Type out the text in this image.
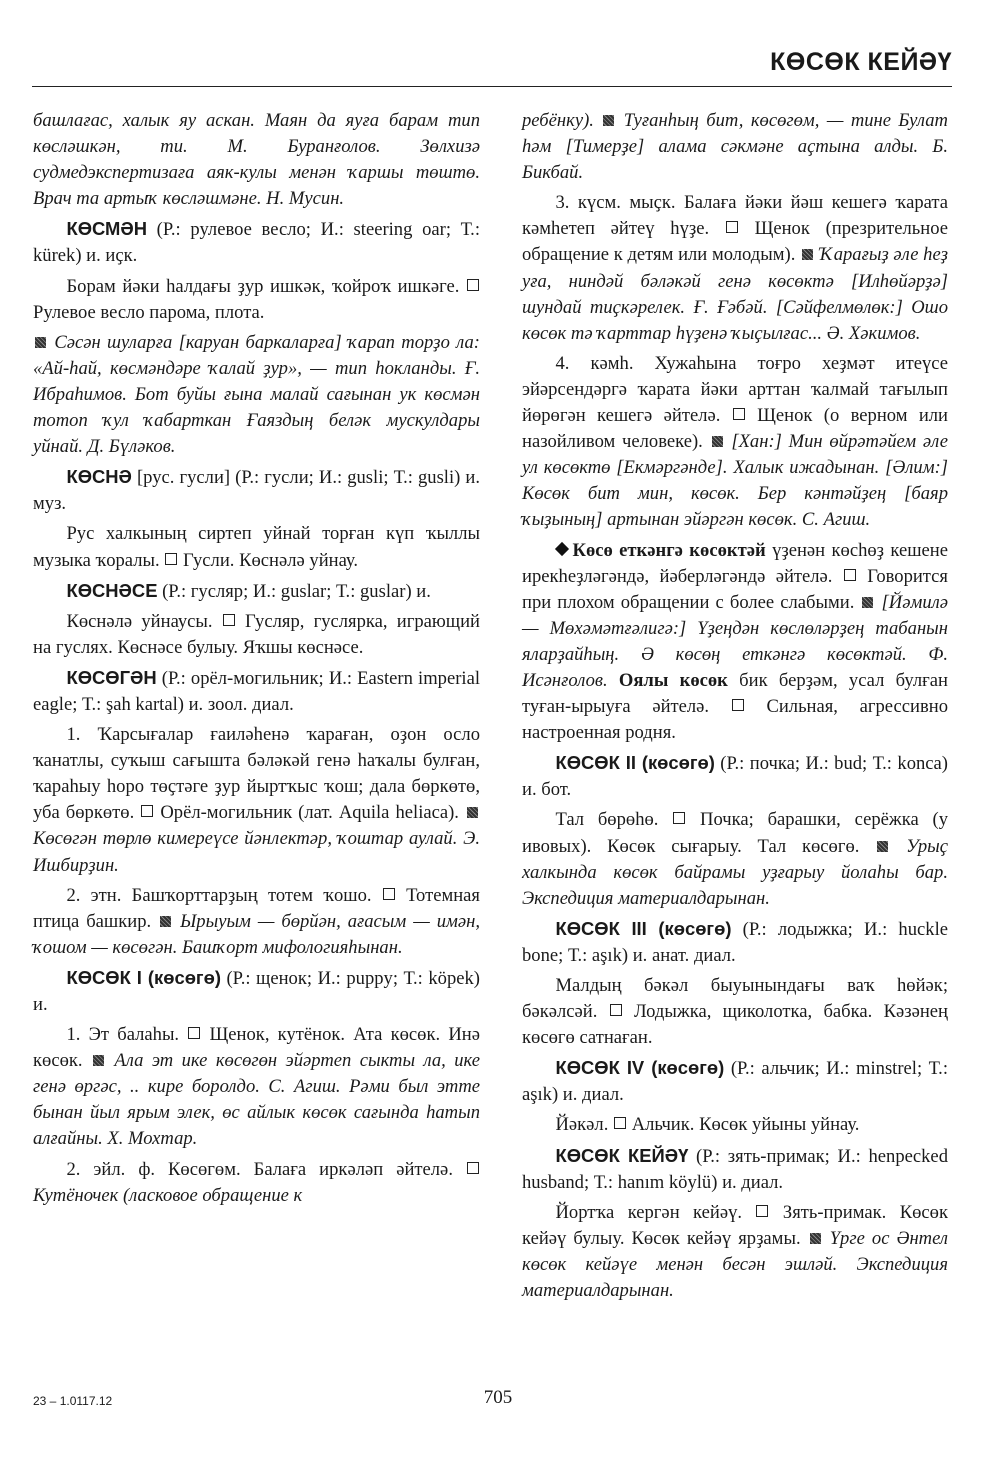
КӨСӨК КЕЙӘҮ

башлаға​с, халык яу аскан. Маян да яуға барам тип көсләшкән, ти. М. Буранғолов. Зөлхизә судмедэкспертизаға аяк-кулы менән ҡаршы төштө. Врач та артыҡ көсләшмәне. Н. Мусин.

КӨСМӘН (Р.: рулевое весло; И.: steering oar; Т.: kürek) и. иҫк.

Борам йәки һалдағы ҙур ишкәк, ҡойроҡ ишкәге.  Рулевое весло парома, плота.

Сәсән шуларға [каруан баркаларға] ҡарап торҙо ла: «Ай-һай, көсмәндәре ҡалай ҙур», — тип һокланды. Ғ. Ибраһимов. Бот буйы ғына малай сағынан ук көсмән тотоп ҡул ҡабарткан Ғаяздың беләк мускулдары уйнай. Д. Бүләков.

КӨСНӘ [рус. гусли] (Р.: гусли; И.: gusli; Т.: gusli) и. муз.

Рус халкының сиртеп уйнай торған күп ҡыллы музыка ҡоралы. Гусли. Көснәлә уйнау.

КӨСНӘСЕ (Р.: гусляр; И.: guslar; Т.: guslar) и.

Көснәлә уйнаусы. Гусляр, гуслярка, играющий на гуслях. Көснәсе булыу. Яҡшы көснәсе.

КӨСӨГӘН (Р.: орёл-могильник; И.: Eastern imperial eagle; Т.: şah kartal) и. зоол. диал.

1. Ҡарсығалар ғаиләһенә ҡараған, оҙон осло ҡанатлы, суҡыш сағышта бәләкәй генә һаҡалы булған, ҡараһыу һоро төҫтәге ҙур йыртҡыс ҡош; дала бөркөтө, уба бөркөтө. Орёл-могильник (лат. Aquila heliaca).  Көсөгән төрлө кимереүсе йәнлектәр, ҡоштар аулай. Э. Ишбирҙин.

2. этн. Башҡорттарҙың тотем ҡошо. Тотемная птица башкир. Ырыуым — бөрйән, ағасым — имән, ҡошом — көсөгән. Башҡорт мифологияһынан.

КӨСӨК I (көсөгө) (Р.: щенок; И.: puppy; Т.: köpek) и.

1. Эт балаһы. Щенок, кутёнок. Ата көсөк. Инә көсөк. Ала эт ике көсөгөн эйәртеп сыкты ла, ике генә өргәс, .. кире боролдо. С. Агиш. Рәми был этте бынан йыл ярым элек, өс айлык көсөк сағында һатып алғайны. Х. Мохтар.

2. эйл. ф. Көсөгөм. Балаға иркәләп әйтелә.  Кутёночек (ласковое обращение к

ребёнку). Туғанһың бит, көсөгөм, — тине Булат һәм [Тимерҙе] алама сәкмәне аҫтына алды. Б. Бикбай.

3. күсм. мыҫк. Балаға йәки йәш кешегә ҡарата кәмһетеп әйтеү һүҙе. Щенок (презрительное обращение к детям или молодым). Ҡарағыҙ әле һеҙ уға, ниндәй бәләкәй генә көсөктә [Илһөйәрҙә] шундай тиҫкәрелек. Ғ. Ғәбәй. [Сәйфелмөлөк:] Ошо көсөк тә ҡарттар һүҙенә ҡыҫылғас... Ә. Хәкимов.

4. кәмһ. Хужаһына тоғро хеҙмәт итеүсе эйәрсендәргә ҡарата йәки арттан ҡалмай тағылып йөрөгән кешегә әйтелә. Щенок (о верном или назойливом человеке). [Хан:] Мин өйрәтәйем әле ул көсөктө [Екмәргәнде]. Халык ижадынан. [Әлим:] Көсөк бит мин, көсөк. Бер кәнтәйҙең [баяр ҡыҙының] артынан эйәргән көсөк. С. Агиш.

Көсө еткәнгә көсөктәй үҙенән көсһөҙ кешене ирекһеҙләгәндә, йәберләгәндә әйтелә. Говорится при плохом обращении с более слабыми. [Йәмилә — Мөхәмәтғәлигә:] Үҙеңдән көслөләрҙең табанын яларҙайһың. Ә көсөң еткәнгә көсөктәй. Ф. Исәнғолов. Оялы көсөк бик берҙәм, усал булған туған-ырыуға әйтелә.	Сильная, агрессивно настроенная родня.

КӨСӨК II (көсөгө) (Р.: почка; И.: bud; Т.: konca) и. бот.

Тал бөрөһө. Почка; барашки, серёжка (у ивовых). Көсөк сығарыу. Тал көсөгө.	Урыҫ халкында көсөк байрамы уҙғарыу йолаһы бар. Экспедиция материалдарынан.

КӨСӨК III (көсөгө) (Р.: лодыжка; И.: huckle bone; Т.: aşık) и. анат. диал.

Малдың бәкәл быуынындағы ваҡ һөйәк; бәкәлсәй. Лодыжка, щиколотка, бабка. Кәзәнең көсөгө сатнаған.

КӨСӨК IV (көсөгө) (Р.: альчик; И.: minstrel; Т.: aşık) и. диал.

Йәкәл. Альчик. Көсөк уйыны уйнау.

КӨСӨК КЕЙӘҮ (Р.: зять-примак; И.: henpecked husband; Т.: hanım köylü) и. диал.

Йортҡа кергән кейәү. Зять-примак. Көсөк кейәү булыу. Көсөк кейәү ярҙамы. Үрге ос Әнтел көсөк кейәүе менән бесән эшләй. Экспедиция материалдарынан.

23 – 1.0117.12	705
